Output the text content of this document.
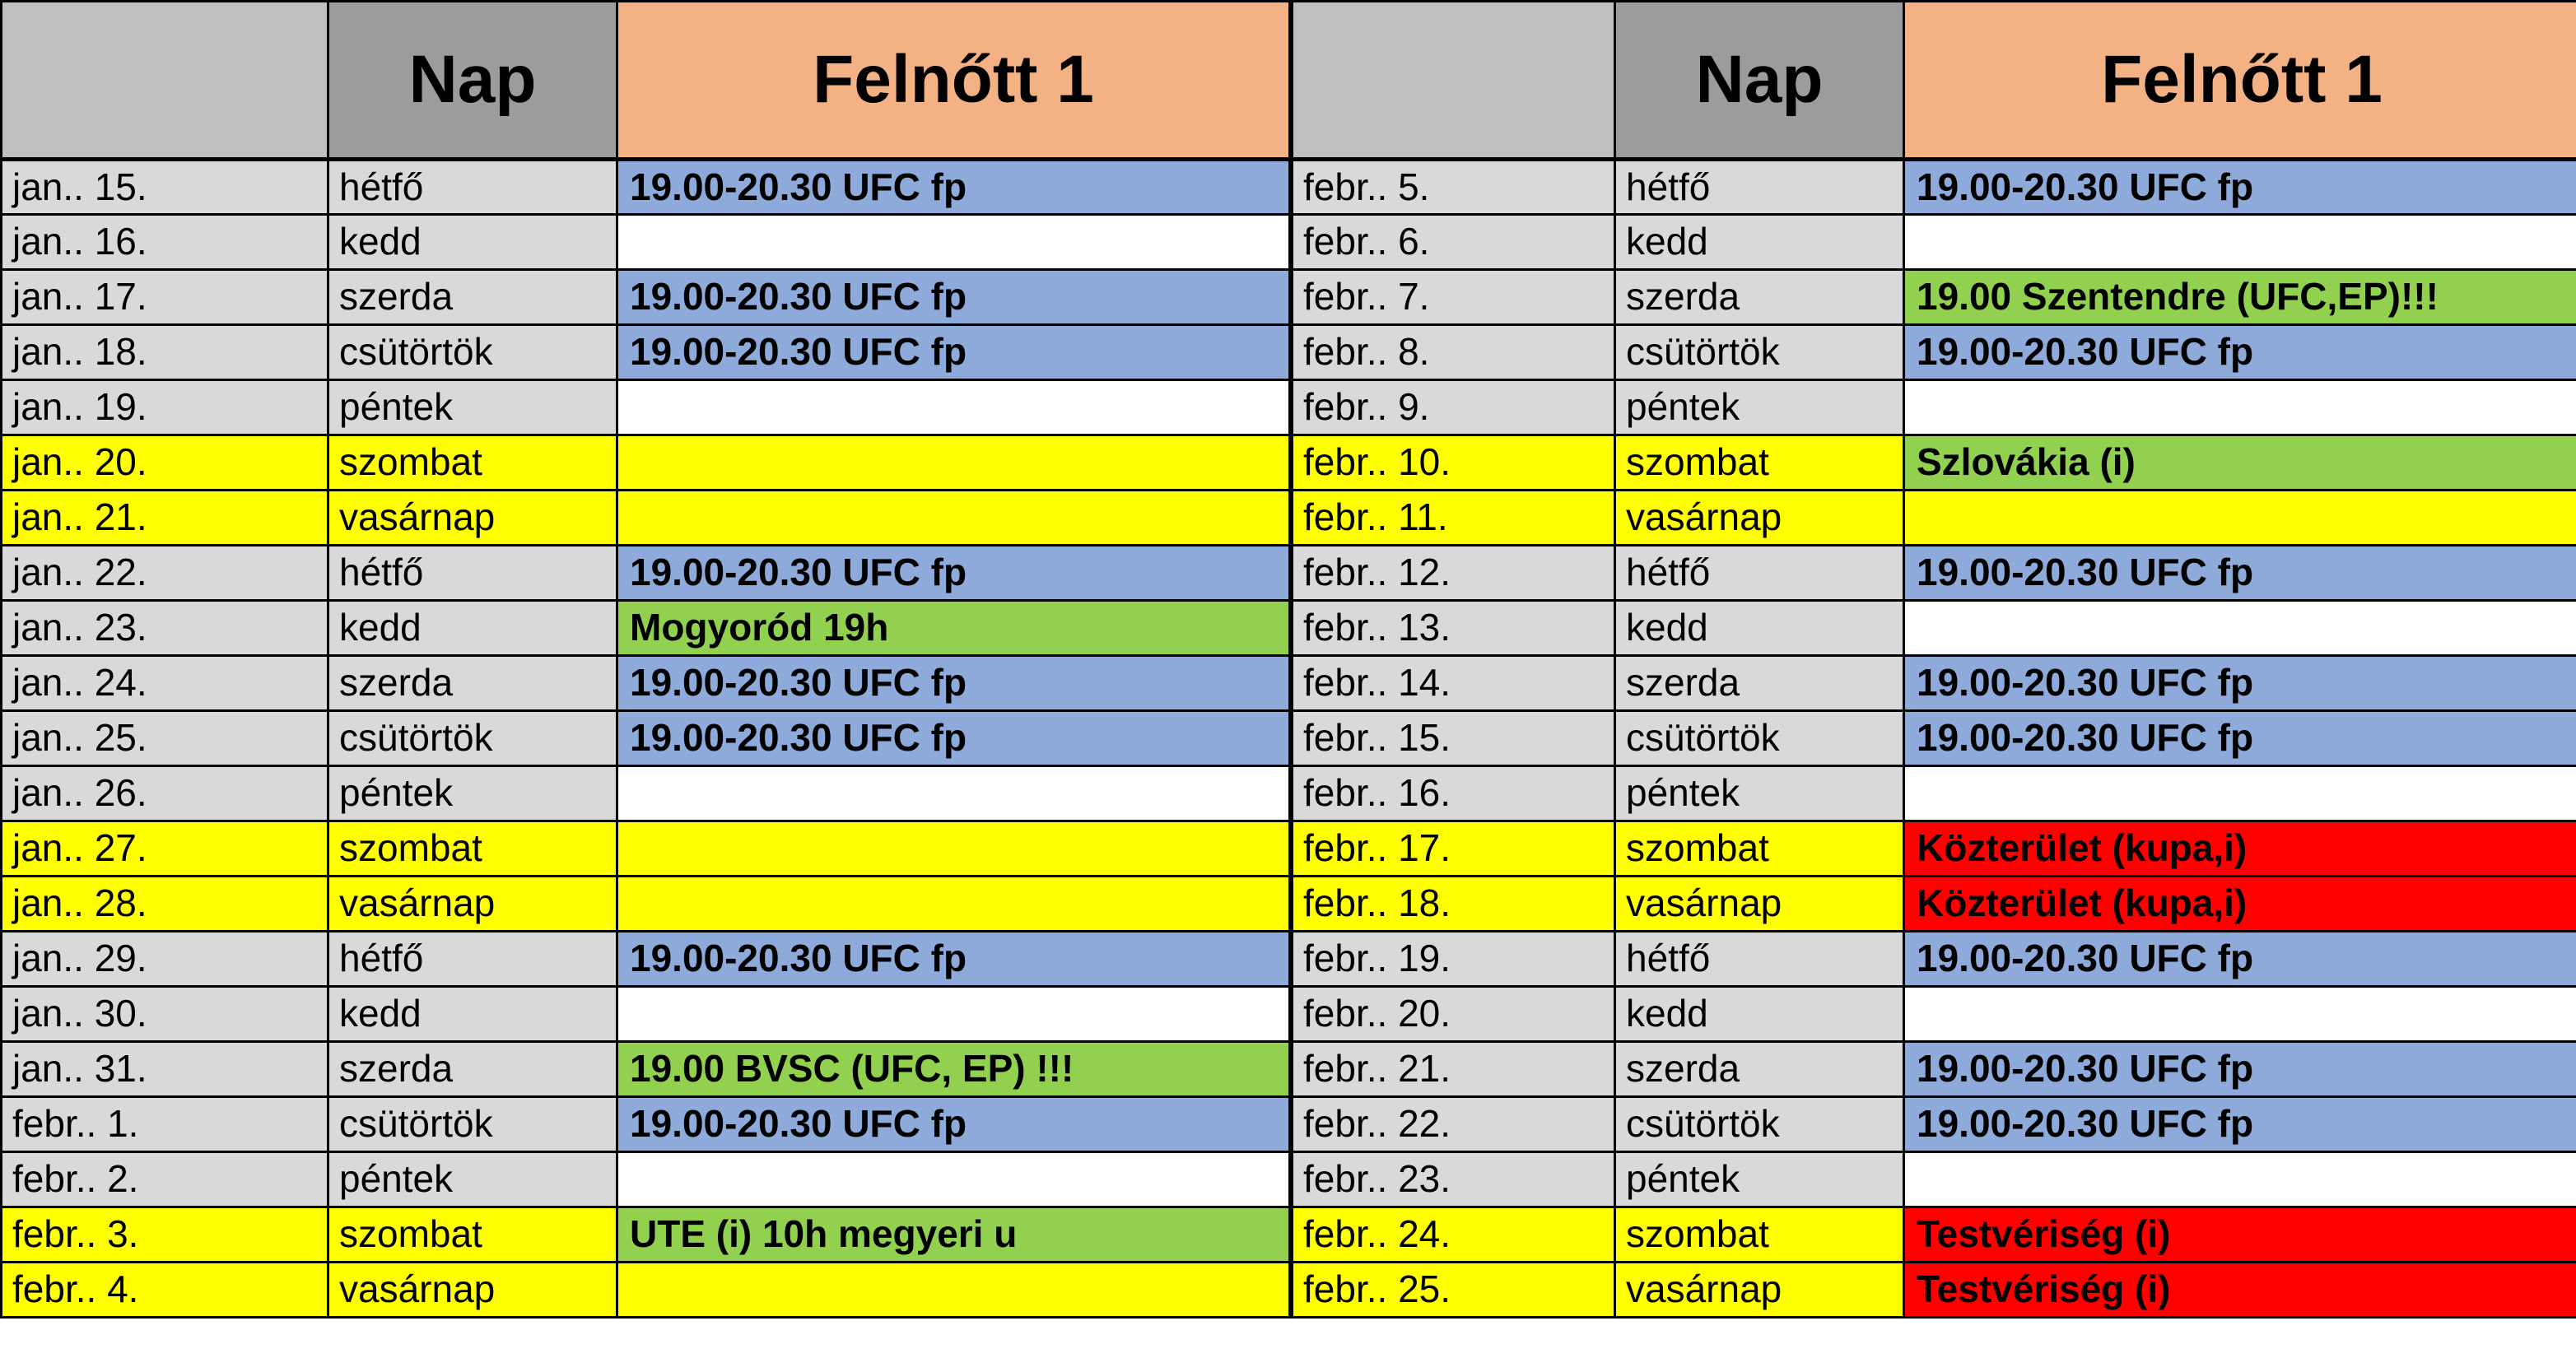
	Nap	Felnőtt 1
jan.. 15.	hétfő	19.00-20.30 UFC fp
jan.. 16.	kedd	
jan.. 17.	szerda	19.00-20.30 UFC fp
jan.. 18.	csütörtök	19.00-20.30 UFC fp
jan.. 19.	péntek	
jan.. 20.	szombat	
jan.. 21.	vasárnap	
jan.. 22.	hétfő	19.00-20.30 UFC fp
jan.. 23.	kedd	Mogyoród 19h
jan.. 24.	szerda	19.00-20.30 UFC fp
jan.. 25.	csütörtök	19.00-20.30 UFC fp
jan.. 26.	péntek	
jan.. 27.	szombat	
jan.. 28.	vasárnap	
jan.. 29.	hétfő	19.00-20.30 UFC fp
jan.. 30.	kedd	
jan.. 31.	szerda	19.00 BVSC (UFC, EP) !!!
febr.. 1.	csütörtök	19.00-20.30 UFC fp
febr.. 2.	péntek	
febr.. 3.	szombat	UTE (i) 10h megyeri u
febr.. 4.	vasárnap	
	Nap	Felnőtt 1
febr.. 5.	hétfő	19.00-20.30 UFC fp
febr.. 6.	kedd	
febr.. 7.	szerda	19.00 Szentendre (UFC,EP)!!!
febr.. 8.	csütörtök	19.00-20.30 UFC fp
febr.. 9.	péntek	
febr.. 10.	szombat	Szlovákia (i)
febr.. 11.	vasárnap	
febr.. 12.	hétfő	19.00-20.30 UFC fp
febr.. 13.	kedd	
febr.. 14.	szerda	19.00-20.30 UFC fp
febr.. 15.	csütörtök	19.00-20.30 UFC fp
febr.. 16.	péntek	
febr.. 17.	szombat	Közterület (kupa,i)
febr.. 18.	vasárnap	Közterület (kupa,i)
febr.. 19.	hétfő	19.00-20.30 UFC fp
febr.. 20.	kedd	
febr.. 21.	szerda	19.00-20.30 UFC fp
febr.. 22.	csütörtök	19.00-20.30 UFC fp
febr.. 23.	péntek	
febr.. 24.	szombat	Testvériség (i)
febr.. 25.	vasárnap	Testvériség (i)
